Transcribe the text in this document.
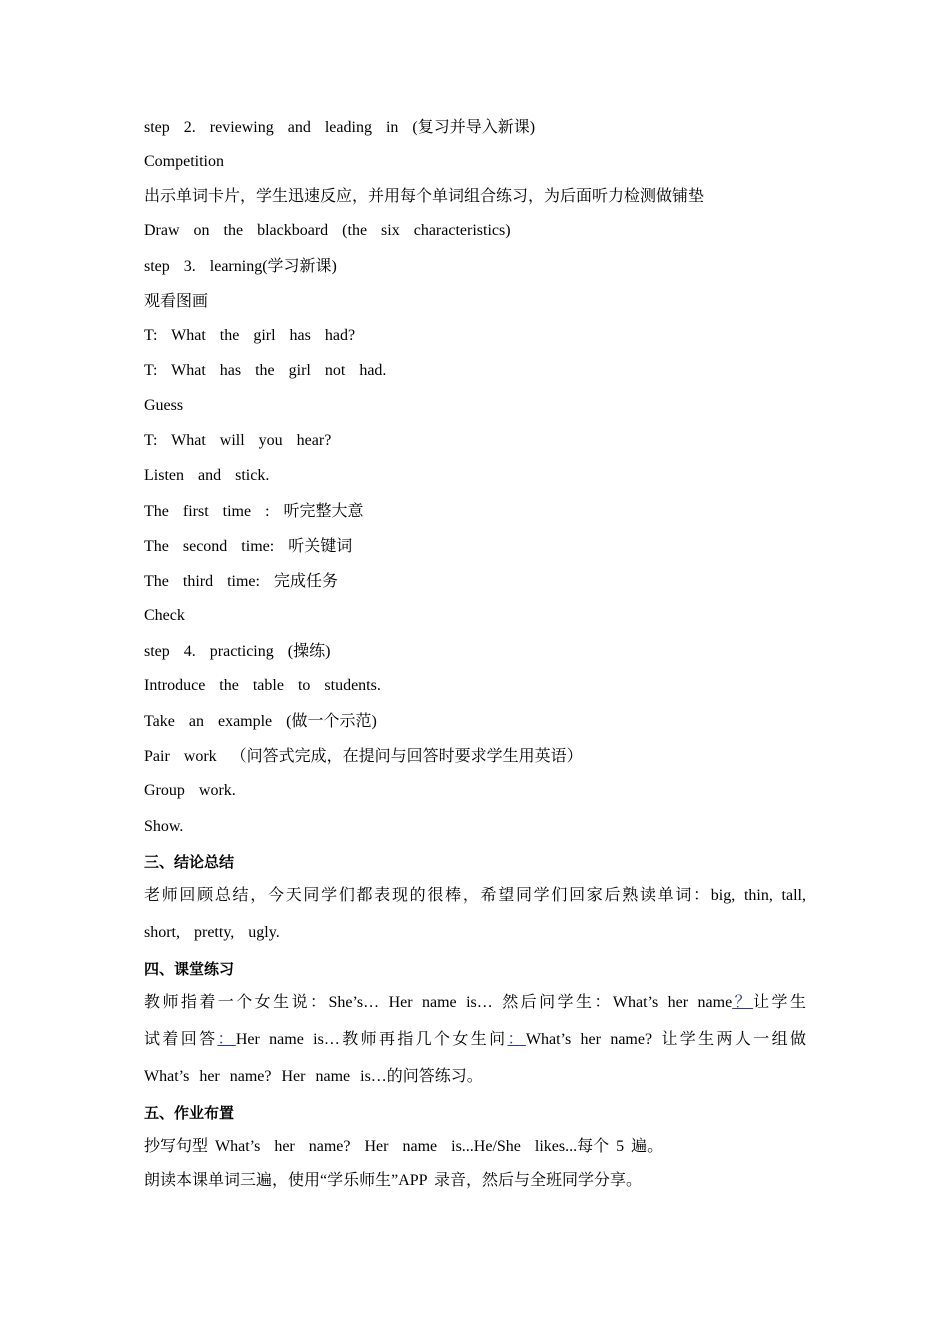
step  2.  reviewing  and  leading  in  (复习并导入新课)
Competition
出示单词卡片，学生迅速反应，并用每个单词组合练习，为后面听力检测做铺垫
Draw  on  the  blackboard  (the  six  characteristics)
step  3.  learning(学习新课)
观看图画
T:  What  the  girl  has  had?
T:  What  has  the  girl  not  had.
Guess
T:  What  will  you  hear?
Listen  and  stick.
The  first  time  :  听完整大意
The  second  time:  听关键词
The  third  time:  完成任务
Check
step  4.  practicing  (操练)
Introduce  the  table  to  students.
Take  an  example  (做一个示范)
Pair  work  （问答式完成，在提问与回答时要求学生用英语）
Group  work.
Show.
三、结论总结
老师回顾总结，今天同学们都表现的很棒，希望同学们回家后熟读单词：big, thin, tall,
short,  pretty,  ugly.
四、课堂练习
教师指着一个女生说：She’s… Her name is… 然后问学生：What’s her name？让学生
试着回答：Her name is…教师再指几个女生问：What’s her name? 让学生两人一组做
What’s her name? Her name is…的问答练习。
五、作业布置
抄写句型 What’s  her  name?  Her  name  is...He/She  likes...每个 5 遍。
朗读本课单词三遍，使用“学乐师生”APP 录音，然后与全班同学分享。
